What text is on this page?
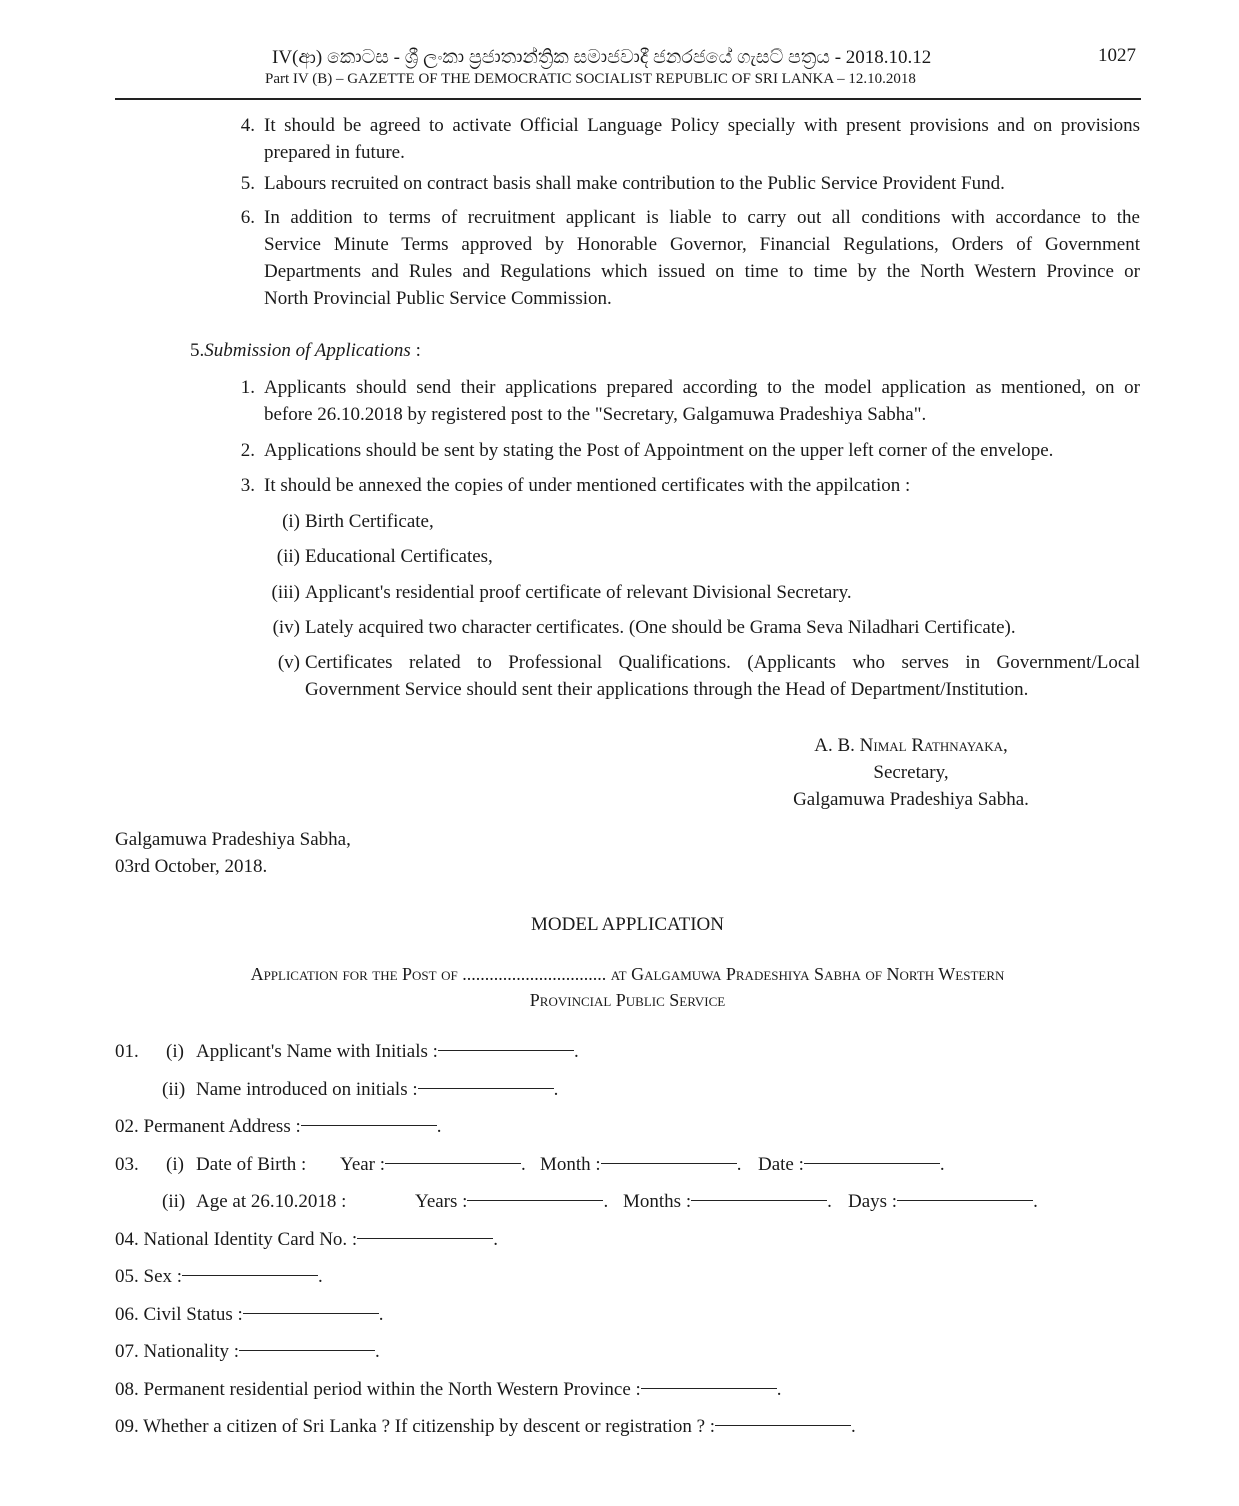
IV(ආ) කොටස - ශ්‍රී ලංකා ප්‍රජාතාන්ත්‍රික සමාජවාදී ජනරජයේ ගැසට් පත්‍රය - 2018.10.12
Part IV (B) – GAZETTE OF THE DEMOCRATIC SOCIALIST REPUBLIC OF SRI LANKA – 12.10.2018
1027
4. It should be agreed to activate Official Language Policy specially with present provisions and on provisions
prepared in future.
5. Labours recruited on contract basis shall make contribution to the Public Service Provident Fund.
6. In addition to terms of recruitment applicant is liable to carry out all conditions with accordance to the
Service Minute Terms approved by Honorable Governor, Financial Regulations, Orders of Government
Departments and Rules and Regulations which issued on time to time by the North Western Province or
North Provincial Public Service Commission.
5.Submission of Applications :
1. Applicants should send their applications prepared according to the model application as mentioned, on or
before 26.10.2018 by registered post to the "Secretary, Galgamuwa Pradeshiya Sabha".
2. Applications should be sent by stating the Post of Appointment on the upper left corner of the envelope.
3. It should be annexed the copies of under mentioned certificates with the appilcation :
(i) Birth Certificate,
(ii) Educational Certificates,
(iii) Applicant's residential proof certificate of relevant Divisional Secretary.
(iv) Lately acquired two character certificates. (One should be Grama Seva Niladhari Certificate).
(v) Certificates related to Professional Qualifications. (Applicants who serves in Government/Local
Government Service should sent their applications through the Head of Department/Institution.
A. B. Nimal Rathnayaka,
Secretary,
Galgamuwa Pradeshiya Sabha.
Galgamuwa Pradeshiya Sabha,
03rd October, 2018.
MODEL APPLICATION
Application for the Post of ................................ at Galgamuwa Pradeshiya Sabha of North Western
Provincial Public Service
01. (i) Applicant's Name with Initials :	.
(ii) Name introduced on initials :	.
02. Permanent Address :	.
03. (i) Date of Birth : Year :	. Month :	. Date :	.
(ii) Age at 26.10.2018 :	Years :	. Months :	. Days :	.
04. National Identity Card No. :	.
05. Sex :	.
06. Civil Status :	.
07. Nationality :	.
08. Permanent residential period within the North Western Province :	.
09. Whether a citizen of Sri Lanka ? If citizenship by descent or registration ? :	.
